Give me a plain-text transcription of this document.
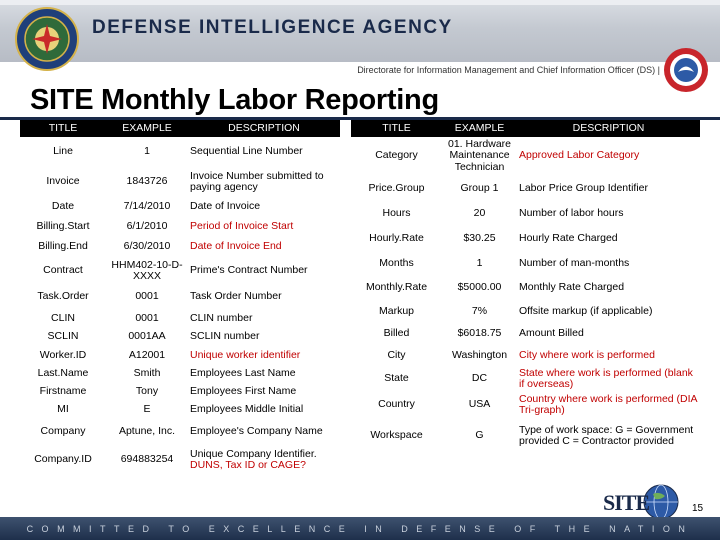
DEFENSE INTELLIGENCE AGENCY
Directorate for Information Management and Chief Information Officer (DS) |
SITE Monthly Labor Reporting
TITLE	EXAMPLE	DESCRIPTION
Line	1	Sequential Line Number
Invoice	1843726	Invoice Number submitted to paying agency
Date	7/14/2010	Date of Invoice
Billing.Start	6/1/2010	Period of Invoice Start
Billing.End	6/30/2010	Date of Invoice End
Contract	HHM402-10-D-XXXX	Prime's Contract Number
Task.Order	0001	Task Order Number
CLIN	0001	CLIN number
SCLIN	0001AA	SCLIN number
Worker.ID	A12001	Unique worker identifier
Last.Name	Smith	Employees Last Name
Firstname	Tony	Employees First Name
MI	E	Employees Middle Initial
Company	Aptune, Inc.	Employee's Company Name
Company.ID	694883254	Unique Company Identifier.
DUNS, Tax ID or CAGE?
TITLE	EXAMPLE	DESCRIPTION
Category	01. Hardware Maintenance Technician	Approved Labor Category
Price.Group	Group 1	Labor Price Group Identifier
Hours	20	Number of labor hours
Hourly.Rate	$30.25	Hourly Rate Charged
Months	1	Number of man-months
Monthly.Rate	$5000.00	Monthly Rate Charged
Markup	7%	Offsite markup (if applicable)
Billed	$6018.75	Amount Billed
City	Washington	City where work is performed
State	DC	State where work is performed (blank if overseas)
Country	USA	Country where work is performed (DIA Tri-graph)
Workspace	G	Type of work space: G = Government provided C = Contractor provided
SITE	15
COMMITTED TO EXCELLENCE IN DEFENSE OF THE NATION
